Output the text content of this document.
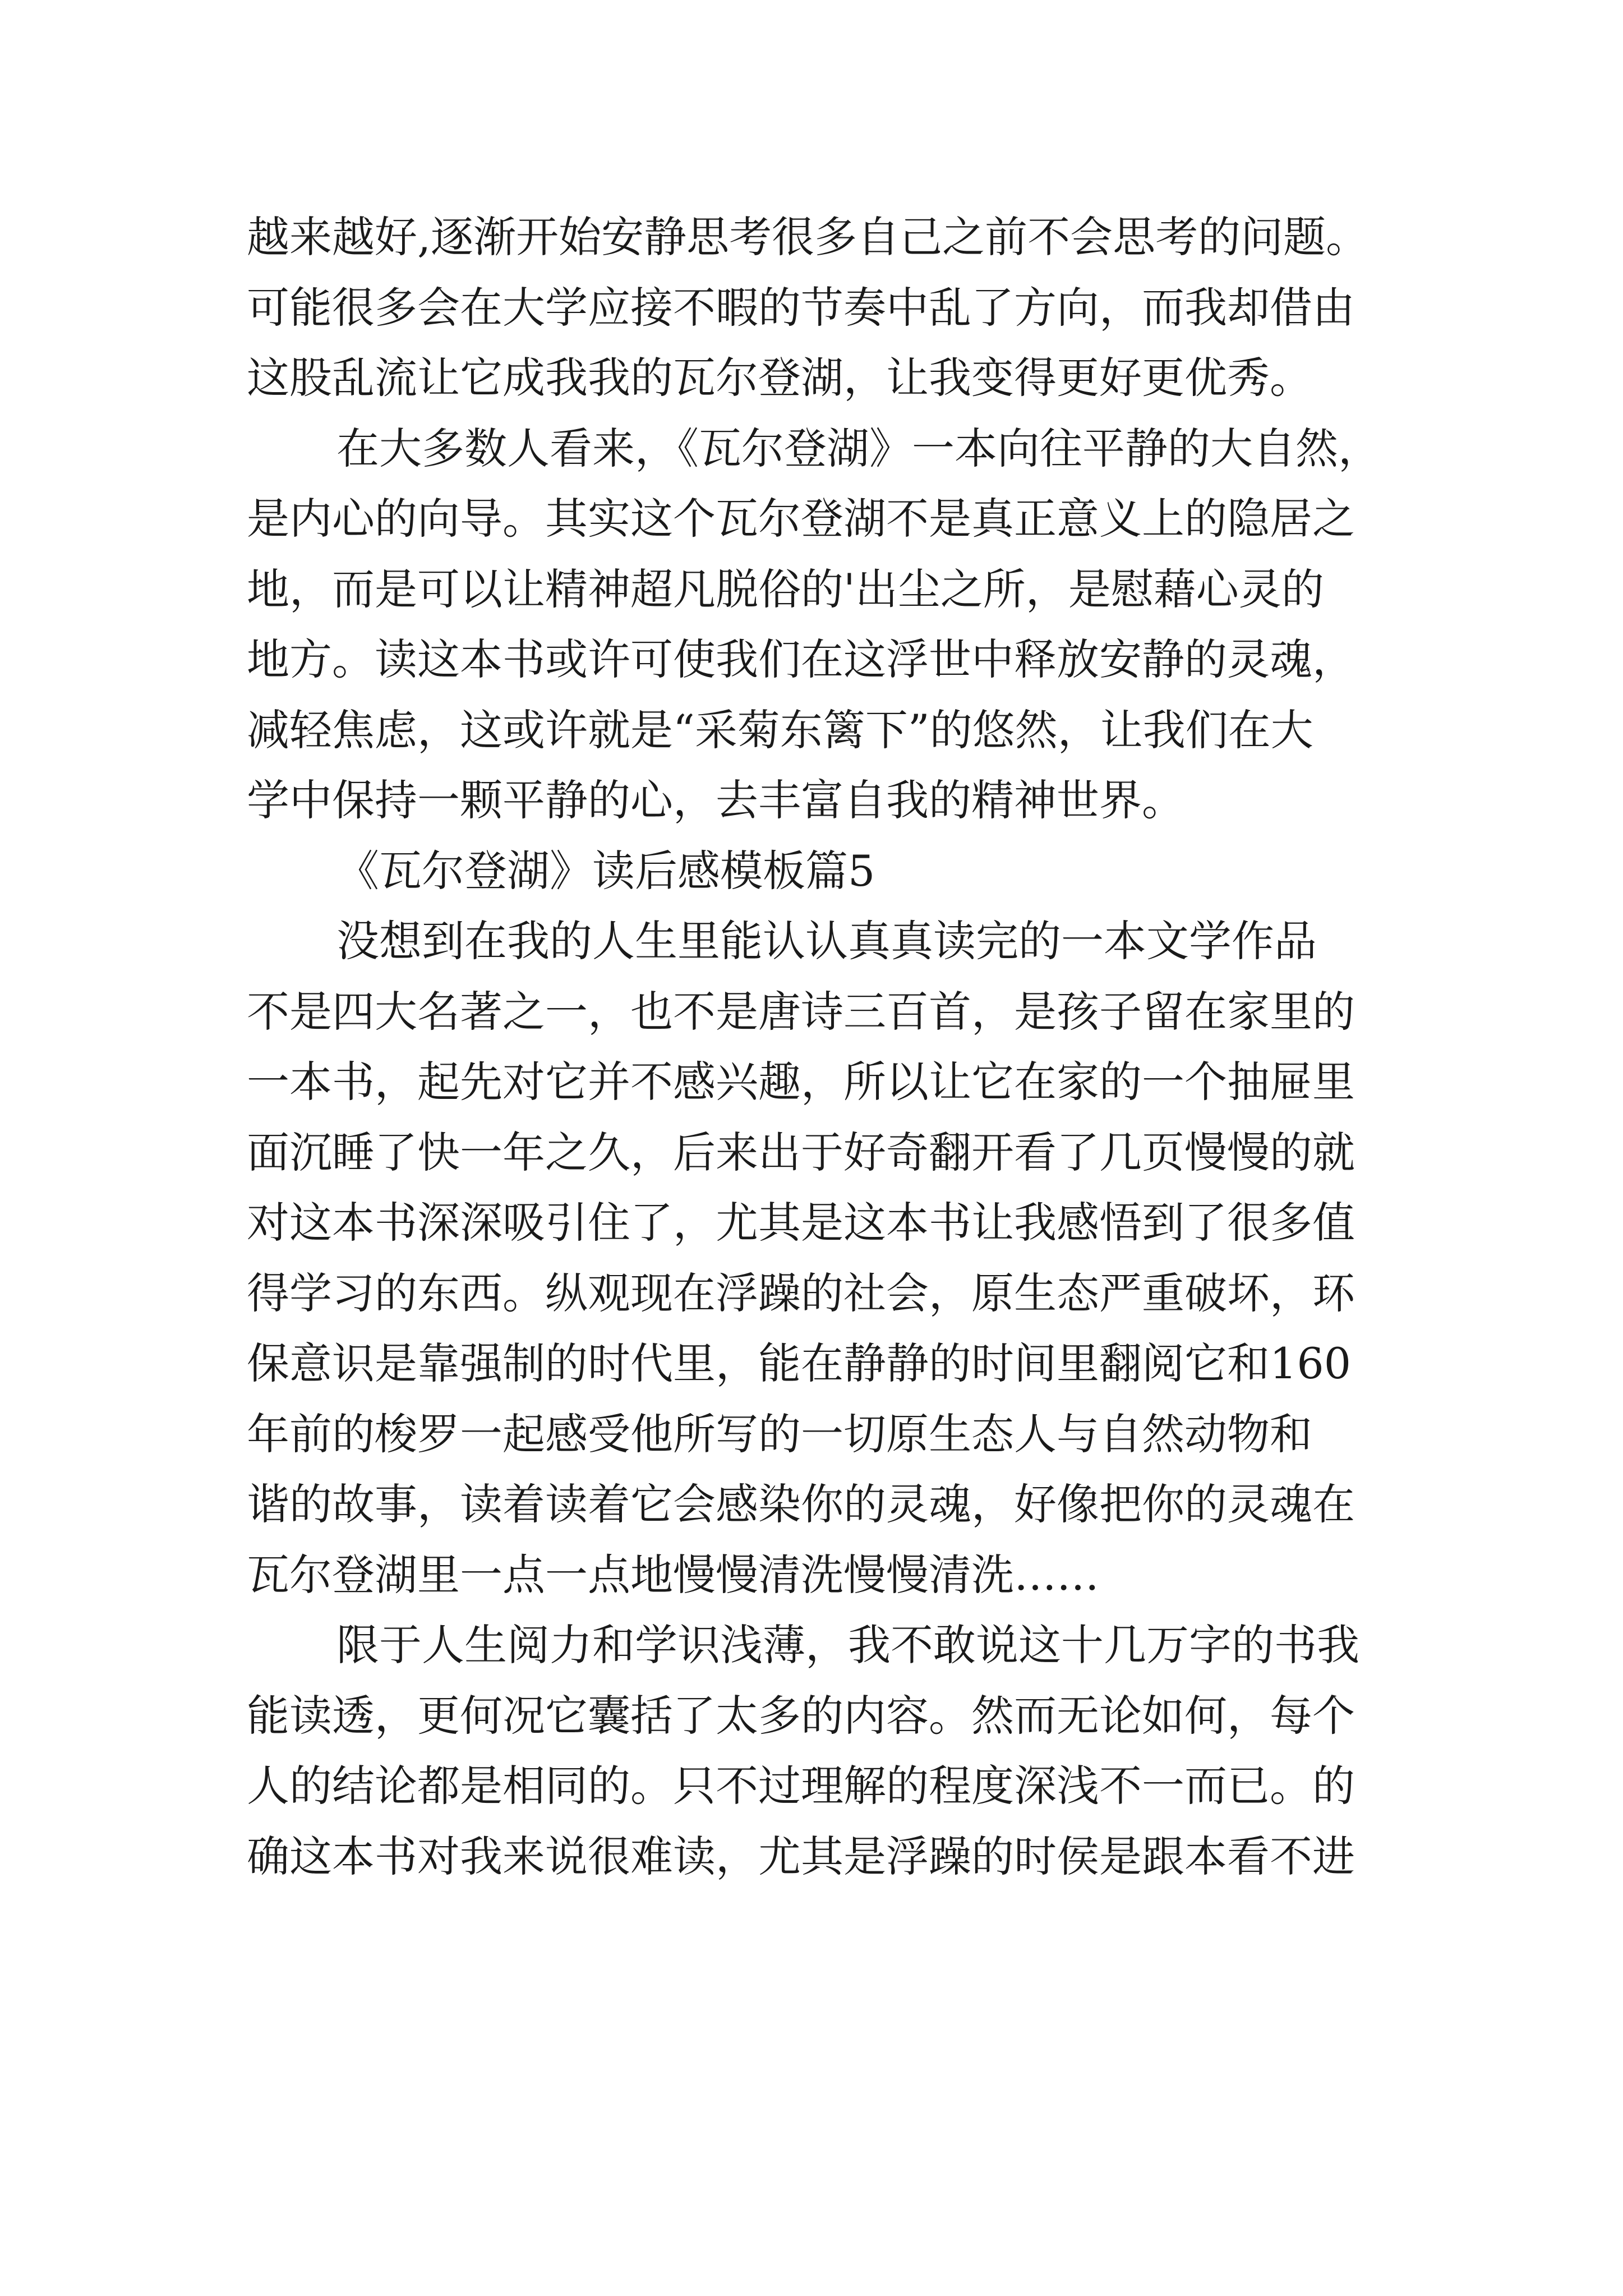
越来越好,逐渐开始安静思考很多自己之前不会思考的问题。
可能很多会在大学应接不暇的节奏中乱了方向，而我却借由
这股乱流让它成我我的瓦尔登湖，让我变得更好更优秀。
在大多数人看来，《瓦尔登湖》一本向往平静的大自然，
是内心的向导。其实这个瓦尔登湖不是真正意义上的隐居之
地，而是可以让精神超凡脱俗的'出尘之所，是慰藉心灵的
地方。读这本书或许可使我们在这浮世中释放安静的灵魂，
减轻焦虑，这或许就是“采菊东篱下”的悠然，让我们在大
学中保持一颗平静的心，去丰富自我的精神世界。
《瓦尔登湖》读后感模板篇5
没想到在我的人生里能认认真真读完的一本文学作品
不是四大名著之一，也不是唐诗三百首，是孩子留在家里的
一本书，起先对它并不感兴趣，所以让它在家的一个抽屉里
面沉睡了快一年之久，后来出于好奇翻开看了几页慢慢的就
对这本书深深吸引住了，尤其是这本书让我感悟到了很多值
得学习的东西。纵观现在浮躁的社会，原生态严重破坏，环
保意识是靠强制的时代里，能在静静的时间里翻阅它和160
年前的梭罗一起感受他所写的一切原生态人与自然动物和
谐的故事，读着读着它会感染你的灵魂，好像把你的灵魂在
瓦尔登湖里一点一点地慢慢清洗慢慢清洗……
限于人生阅力和学识浅薄，我不敢说这十几万字的书我
能读透，更何况它囊括了太多的内容。然而无论如何，每个
人的结论都是相同的。只不过理解的程度深浅不一而已。的
确这本书对我来说很难读，尤其是浮躁的时侯是跟本看不进
